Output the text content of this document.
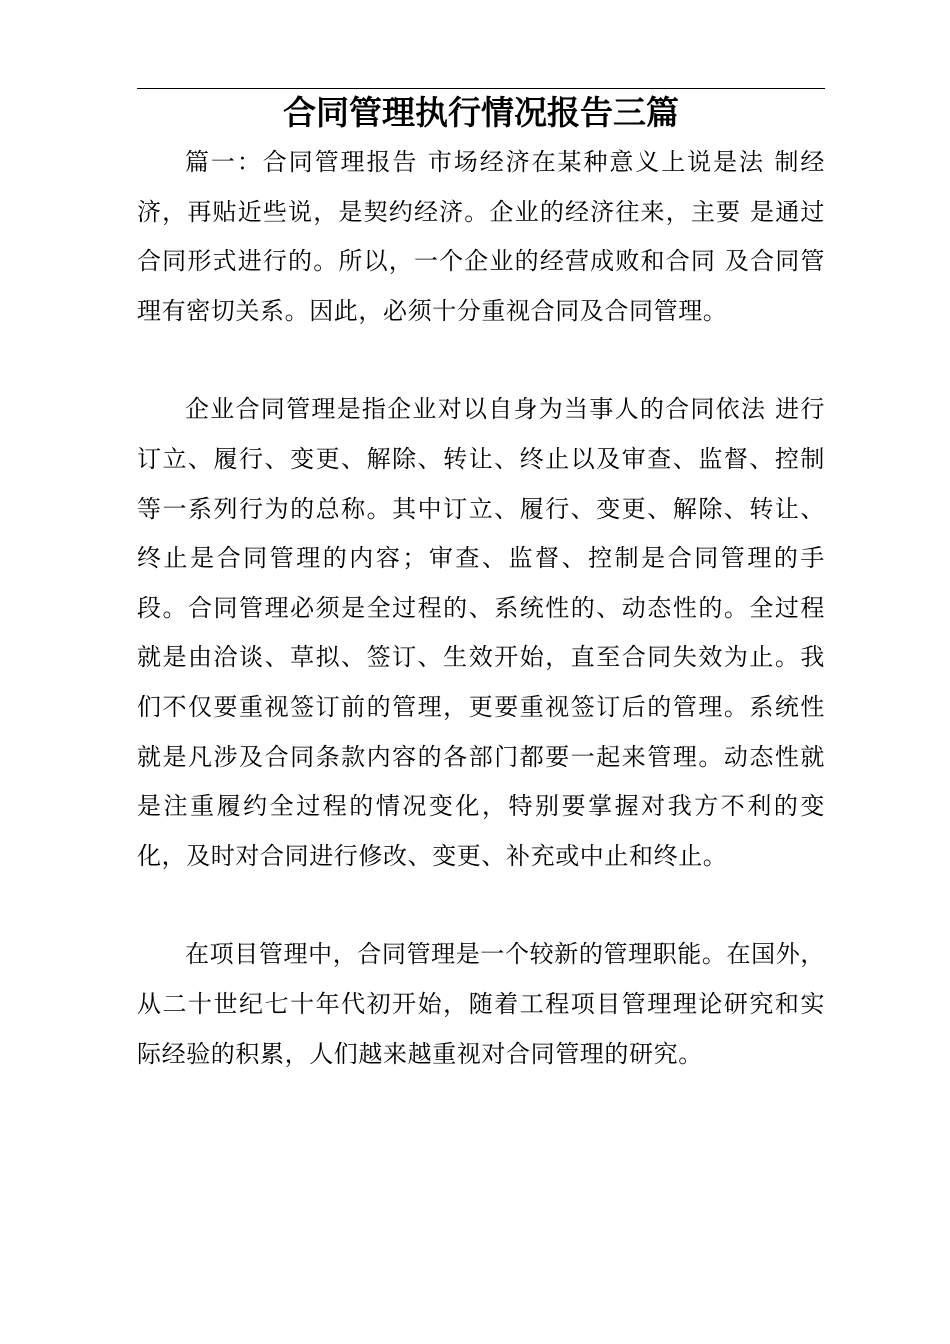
合同管理执行情况报告三篇

篇一：合同管理报告 市场经济在某种意义上说是法 制经济，再贴近些说，是契约经济。企业的经济往来，主要 是通过合同形式进行的。所以，一个企业的经营成败和合同 及合同管理有密切关系。因此，必须十分重视合同及合同管理。

企业合同管理是指企业对以自身为当事人的合同依法 进行订立、履行、变更、解除、转让、终止以及审查、监督、控制等一系列行为的总称。其中订立、履行、变更、解除、转让、终止是合同管理的内容；审查、监督、控制是合同管理的手段。合同管理必须是全过程的、系统性的、动态性的。全过程就是由洽谈、草拟、签订、生效开始，直至合同失效为止。我们不仅要重视签订前的管理，更要重视签订后的管理。系统性就是凡涉及合同条款内容的各部门都要一起来管理。动态性就是注重履约全过程的情况变化，特别要掌握对我方不利的变化，及时对合同进行修改、变更、补充或中止和终止。

在项目管理中，合同管理是一个较新的管理职能。在国外，从二十世纪七十年代初开始，随着工程项目管理理论研究和实际经验的积累，人们越来越重视对合同管理的研究。
